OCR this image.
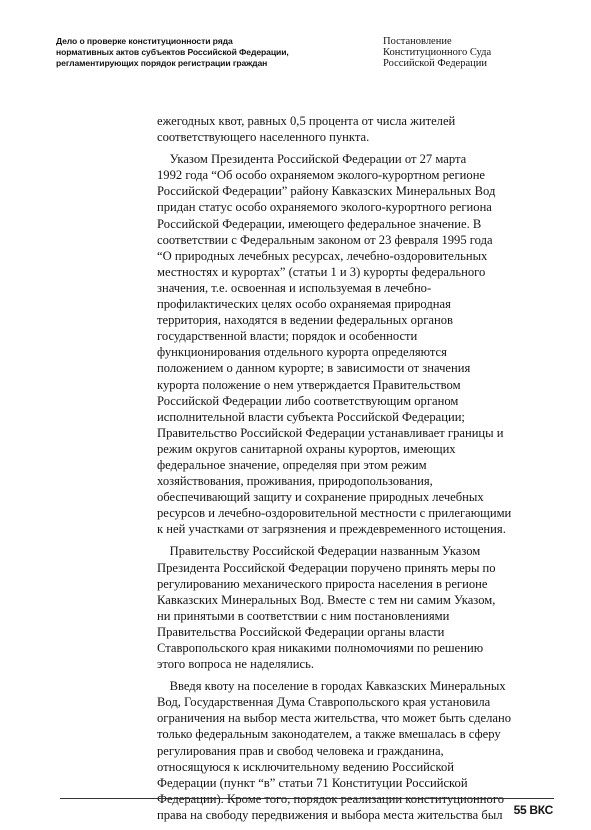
Дело о проверке конституционности ряда
нормативных актов субъектов Российской Федерации,
регламентирующих порядок регистрации граждан
Постановление
Конституционного Суда
Российской Федерации
ежегодных квот, равных 0,5 процента от числа жителей
соответствующего населенного пункта.
Указом Президента Российской Федерации от 27 марта
1992 года “Об особо охраняемом эколого-курортном регионе
Российской Федерации” району Кавказских Минеральных Вод
придан статус особо охраняемого эколого-курортного региона
Российской Федерации, имеющего федеральное значение. В
соответствии с Федеральным законом от 23 февраля 1995 года
“О природных лечебных ресурсах, лечебно-оздоровительных
местностях и курортах” (статьи 1 и 3) курорты федерального
значения, т.е. освоенная и используемая в лечебно-
профилактических целях особо охраняемая природная
территория, находятся в ведении федеральных органов
государственной власти; порядок и особенности
функционирования отдельного курорта определяются
положением о данном курорте; в зависимости от значения
курорта положение о нем утверждается Правительством
Российской Федерации либо соответствующим органом
исполнительной власти субъекта Российской Федерации;
Правительство Российской Федерации устанавливает границы и
режим округов санитарной охраны курортов, имеющих
федеральное значение, определяя при этом режим
хозяйствования, проживания, природопользования,
обеспечивающий защиту и сохранение природных лечебных
ресурсов и лечебно-оздоровительной местности с прилегающими
к ней участками от загрязнения и преждевременного истощения.
Правительству Российской Федерации названным Указом
Президента Российской Федерации поручено принять меры по
регулированию механического прироста населения в регионе
Кавказских Минеральных Вод. Вместе с тем ни самим Указом,
ни принятыми в соответствии с ним постановлениями
Правительства Российской Федерации органы власти
Ставропольского края никакими полномочиями по решению
этого вопроса не наделялись.
Введя квоту на поселение в городах Кавказских Минеральных
Вод, Государственная Дума Ставропольского края установила
ограничения на выбор места жительства, что может быть сделано
только федеральным законодателем, а также вмешалась в сферу
регулирования прав и свобод человека и гражданина,
относящуюся к исключительному ведению Российской
Федерации (пункт “в” статьи 71 Конституции Российской
Федерации). Кроме того, порядок реализации конституционного
права на свободу передвижения и выбора места жительства был 55 ВКС
